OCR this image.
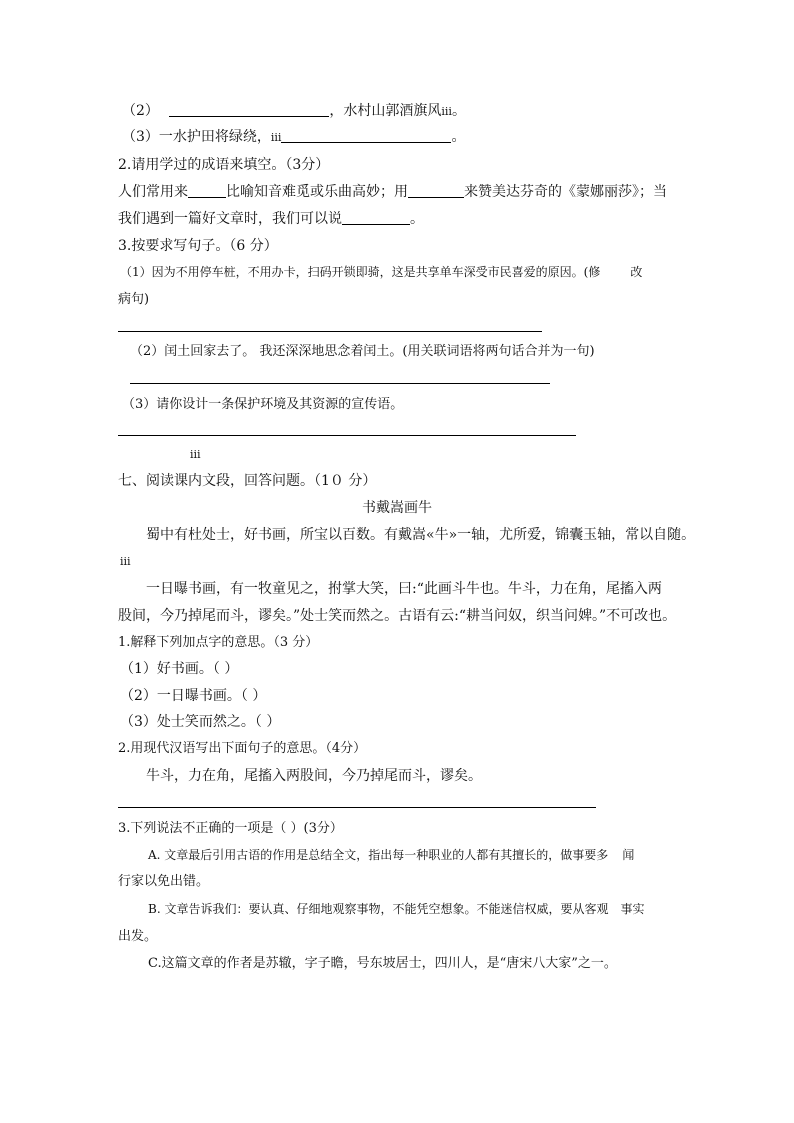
（2）	，水村山郭酒旗风ⅲ。
（3）一水护田将绿绕，ⅲ	。
2.请用学过的成语来填空。（3分）
人们常用来	比喻知音难觅或乐曲高妙；用	来赞美达芬奇的《蒙娜丽莎》；当
我们遇到一篇好文章时，我们可以说	。
3.按要求写句子。（6 分）
（1）因为不用停车桩，不用办卡，扫码开锁即骑，这是共享单车深受市民喜爱的原因。(修	改
病句)
（2）闰土回家去了。 我还深深地思念着闰土。(用关联词语将两句话合并为一句)
（3）请你设计一条保护环境及其资源的宣传语。
ⅲ
七、阅读课内文段，回答问题。（1０ 分）
书戴嵩画牛
蜀中有杜处士，好书画，所宝以百数。有戴嵩«牛»一轴，尤所爱，锦囊玉轴，常以自随。
ⅲ
一日曝书画，有一牧童见之，拊掌大笑，曰:“此画斗牛也。牛斗，力在角，尾搐入两
股间，今乃掉尾而斗，谬矣。”处士笑而然之。古语有云:“耕当问奴，织当问婢。”不可改也。
1.解释下列加点字的意思。（3 分）
（1）好书画。（ ）
（2）一日曝书画。（ ）
（3）处士笑而然之。（ ）
2.用现代汉语写出下面句子的意思。（4分）
牛斗，力在角，尾搐入两股间，今乃掉尾而斗，谬矣。
3.下列说法不正确的一项是（ ）(3分）
A. 文章最后引用古语的作用是总结全文，指出每一种职业的人都有其擅长的，做事要多 闻
行家以免出错。
B. 文章告诉我们：要认真、仔细地观察事物，不能凭空想象。不能迷信权威，要从客观 事实
出发。
C.这篇文章的作者是苏辙，字子瞻，号东坡居士，四川人，是“唐宋八大家”之一。
